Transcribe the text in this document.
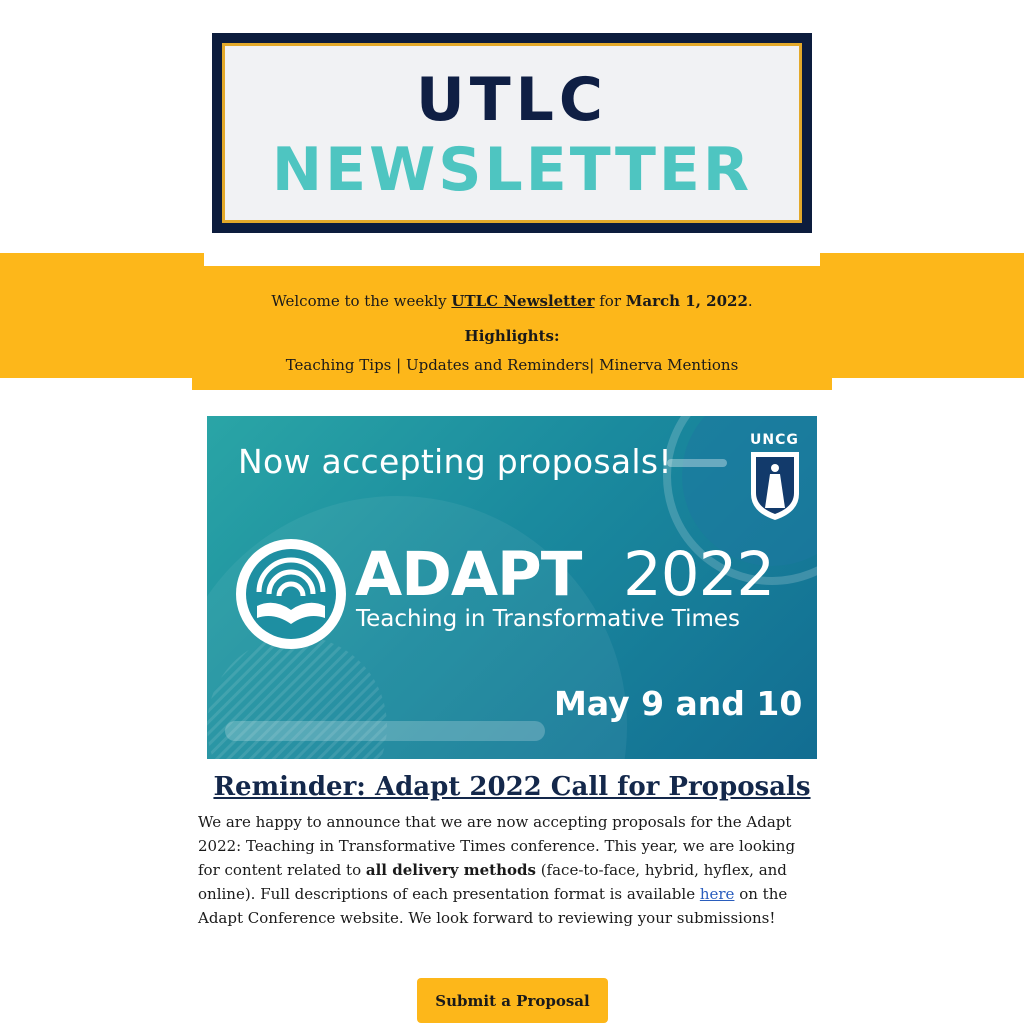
UTLC
NEWSLETTER
Welcome to the weekly UTLC Newsletter for March 1, 2022.
Highlights:
Teaching Tips | Updates and Reminders| Minerva Mentions
Now accepting proposals!
UNCG
ADAPT 2022
Teaching in Transformative Times
May 9 and 10
Reminder: Adapt 2022 Call for Proposals
We are happy to announce that we are now accepting proposals for the Adapt 2022: Teaching in Transformative Times conference. This year, we are looking for content related to all delivery methods (face-to-face, hybrid, hyflex, and online). Full descriptions of each presentation format is available here on the Adapt Conference website. We look forward to reviewing your submissions!
Submit a Proposal
